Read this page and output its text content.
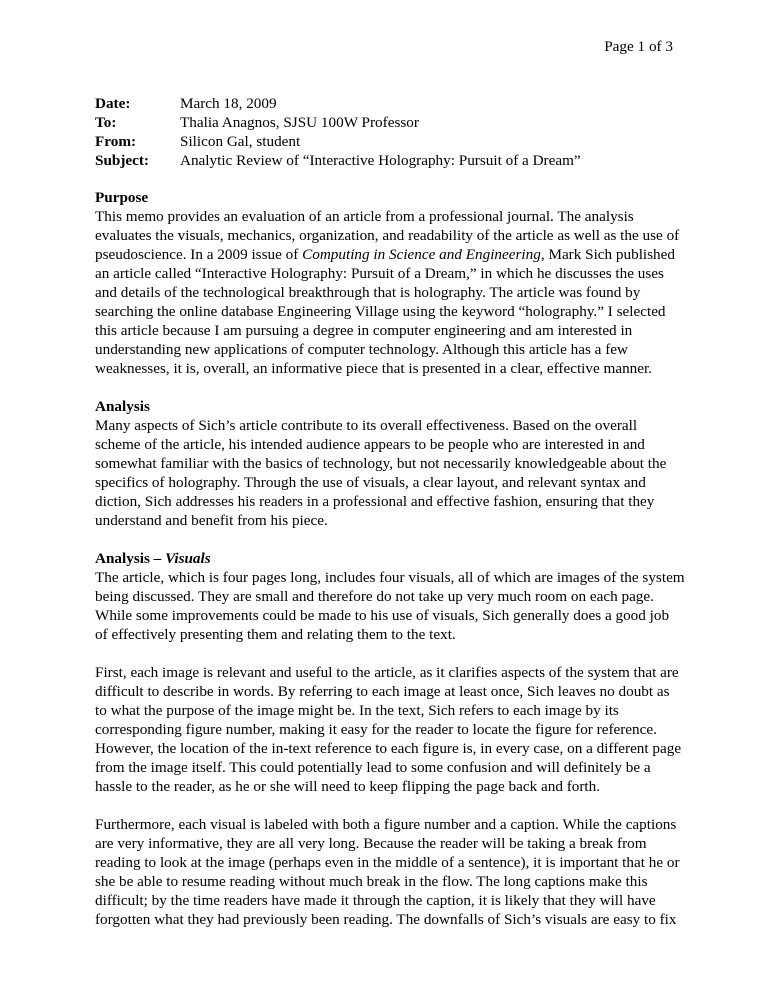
Page 1 of 3
Date:	March 18, 2009
To:	Thalia Anagnos, SJSU 100W Professor
From:	Silicon Gal, student
Subject:	Analytic Review of “Interactive Holography: Pursuit of a Dream”
Purpose

This memo provides an evaluation of an article from a professional journal. The analysis evaluates the visuals, mechanics, organization, and readability of the article as well as the use of pseudoscience. In a 2009 issue of Computing in Science and Engineering, Mark Sich published an article called “Interactive Holography: Pursuit of a Dream,” in which he discusses the uses and details of the technological breakthrough that is holography. The article was found by searching the online database Engineering Village using the keyword “holography.” I selected this article because I am pursuing a degree in computer engineering and am interested in understanding new applications of computer technology. Although this article has a few weaknesses, it is, overall, an informative piece that is presented in a clear, effective manner.

Analysis

Many aspects of Sich’s article contribute to its overall effectiveness. Based on the overall scheme of the article, his intended audience appears to be people who are interested in and somewhat familiar with the basics of technology, but not necessarily knowledgeable about the specifics of holography. Through the use of visuals, a clear layout, and relevant syntax and diction, Sich addresses his readers in a professional and effective fashion, ensuring that they understand and benefit from his piece.

Analysis – Visuals

The article, which is four pages long, includes four visuals, all of which are images of the system being discussed. They are small and therefore do not take up very much room on each page. While some improvements could be made to his use of visuals, Sich generally does a good job of effectively presenting them and relating them to the text.

First, each image is relevant and useful to the article, as it clarifies aspects of the system that are difficult to describe in words. By referring to each image at least once, Sich leaves no doubt as to what the purpose of the image might be. In the text, Sich refers to each image by its corresponding figure number, making it easy for the reader to locate the figure for reference. However, the location of the in-text reference to each figure is, in every case, on a different page from the image itself. This could potentially lead to some confusion and will definitely be a hassle to the reader, as he or she will need to keep flipping the page back and forth.

Furthermore, each visual is labeled with both a figure number and a caption. While the captions are very informative, they are all very long. Because the reader will be taking a break from reading to look at the image (perhaps even in the middle of a sentence), it is important that he or she be able to resume reading without much break in the flow. The long captions make this difficult; by the time readers have made it through the caption, it is likely that they will have forgotten what they had previously been reading. The downfalls of Sich’s visuals are easy to fix
